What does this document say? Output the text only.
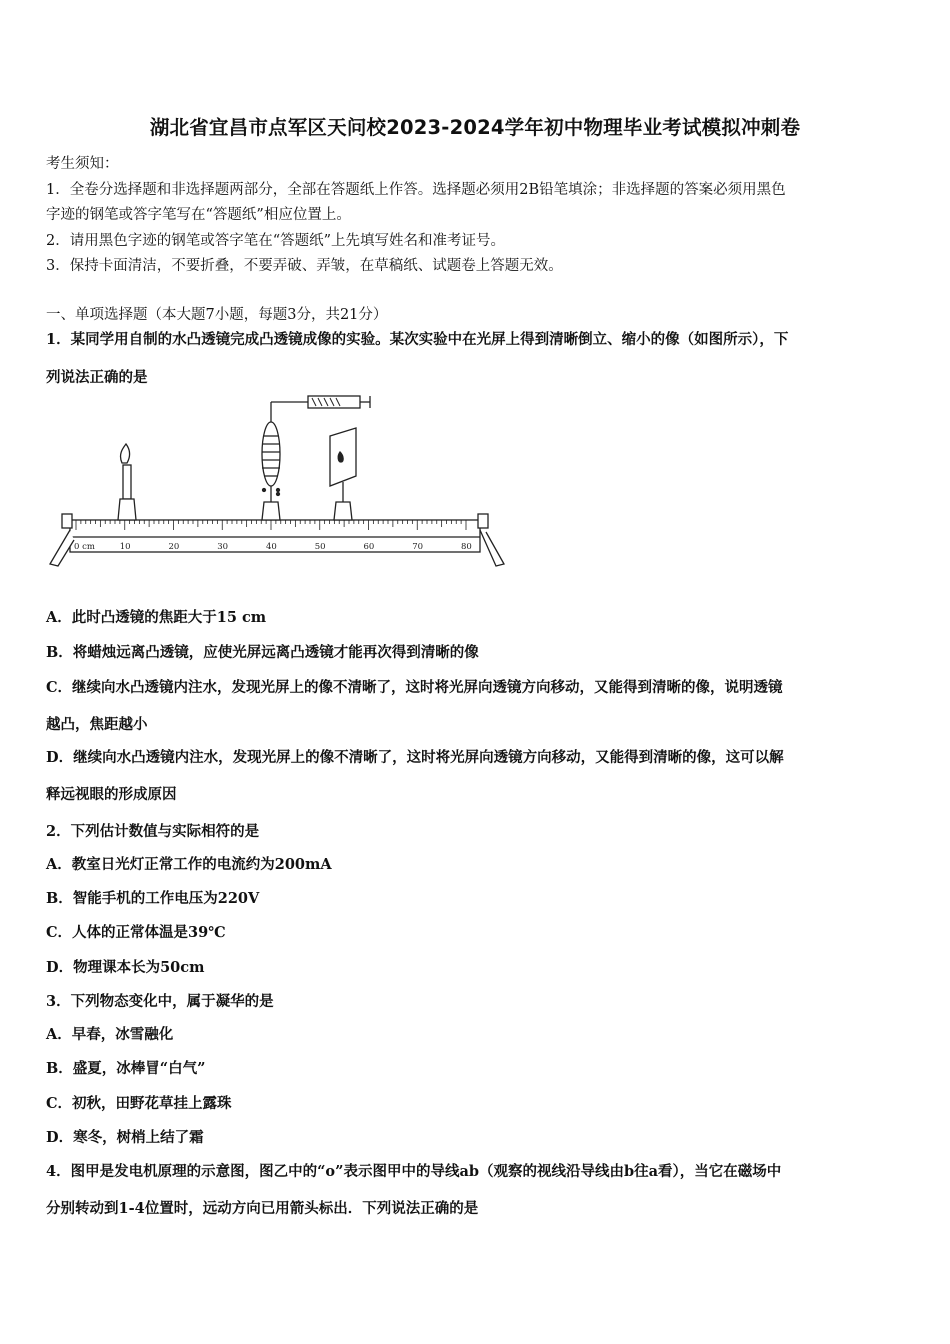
湖北省宜昌市点军区天问校2023-2024学年初中物理毕业考试模拟冲刺卷
考生须知：
1．全卷分选择题和非选择题两部分，全部在答题纸上作答。选择题必须用2B铅笔填涂；非选择题的答案必须用黑色
字迹的钢笔或答字笔写在“答题纸”相应位置上。
2．请用黑色字迹的钢笔或答字笔在“答题纸”上先填写姓名和准考证号。
3．保持卡面清洁，不要折叠，不要弄破、弄皱，在草稿纸、试题卷上答题无效。
一、单项选择题（本大题7小题，每题3分，共21分）
1．某同学用自制的水凸透镜完成凸透镜成像的实验。某次实验中在光屏上得到清晰倒立、缩小的像（如图所示），下
列说法正确的是
0 cm	10	20	30	40	50	60	70	80
A．此时凸透镜的焦距大于15 cm
B．将蜡烛远离凸透镜，应使光屏远离凸透镜才能再次得到清晰的像
C．继续向水凸透镜内注水，发现光屏上的像不清晰了，这时将光屏向透镜方向移动，又能得到清晰的像，说明透镜
越凸，焦距越小
D．继续向水凸透镜内注水，发现光屏上的像不清晰了，这时将光屏向透镜方向移动，又能得到清晰的像，这可以解
释远视眼的形成原因
2．下列估计数值与实际相符的是
A．教室日光灯正常工作的电流约为200mA
B．智能手机的工作电压为220V
C．人体的正常体温是39℃
D．物理课本长为50cm
3．下列物态变化中，属于凝华的是
A．早春，冰雪融化
B．盛夏，冰棒冒“白气”
C．初秋，田野花草挂上露珠
D．寒冬，树梢上结了霜
4．图甲是发电机原理的示意图，图乙中的“o”表示图甲中的导线ab（观察的视线沿导线由b往a看），当它在磁场中
分别转动到1-4位置时，远动方向已用箭头标出．下列说法正确的是
